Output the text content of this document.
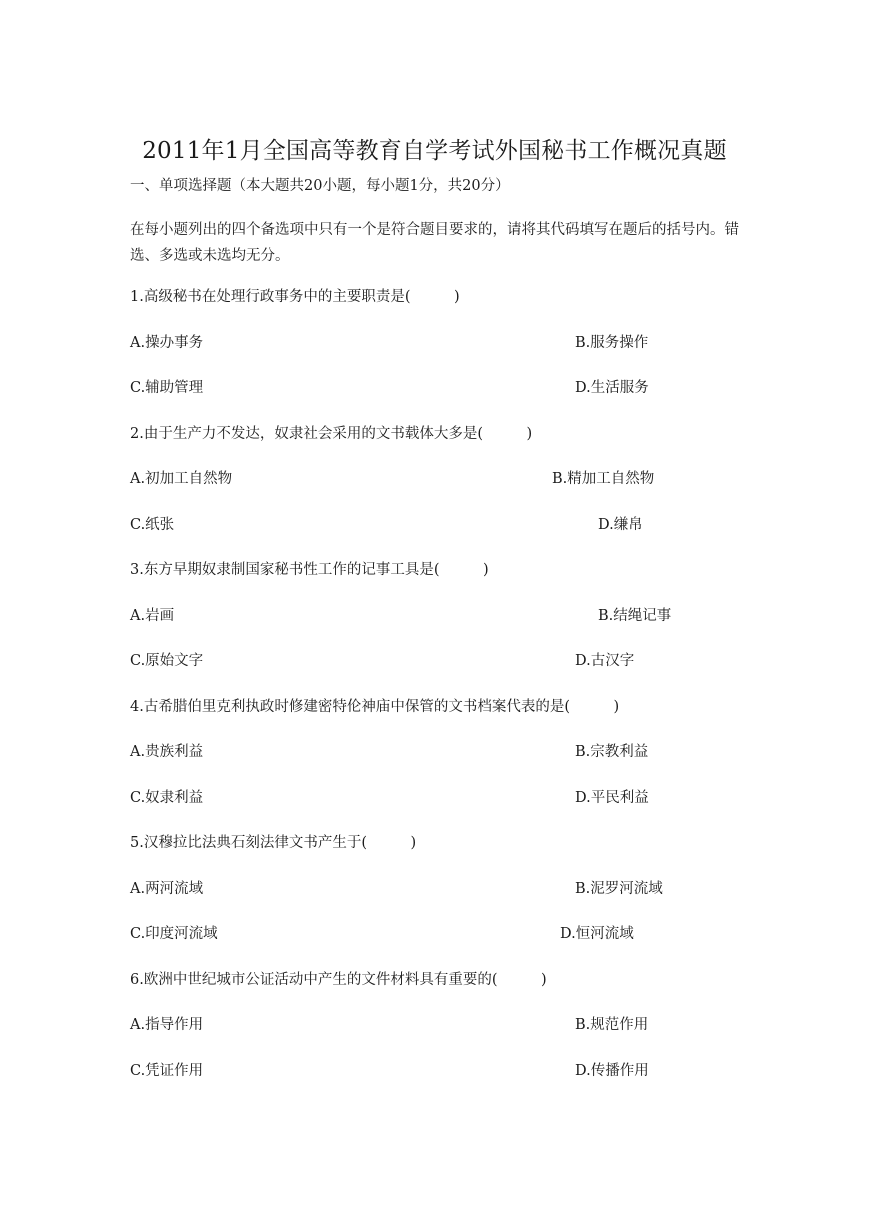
2011年1月全国高等教育自学考试外国秘书工作概况真题
一、单项选择题（本大题共20小题，每小题1分，共20分）
在每小题列出的四个备选项中只有一个是符合题目要求的，请将其代码填写在题后的括号内。错选、多选或未选均无分。
1.高级秘书在处理行政事务中的主要职责是(　　　)
A.操办事务	B.服务操作
C.辅助管理	D.生活服务
2.由于生产力不发达，奴隶社会采用的文书载体大多是(　　　)
A.初加工自然物	B.精加工自然物
C.纸张	D.缣帛
3.东方早期奴隶制国家秘书性工作的记事工具是(　　　)
A.岩画	B.结绳记事
C.原始文字	D.古汉字
4.古希腊伯里克利执政时修建密特伦神庙中保管的文书档案代表的是(　　　)
A.贵族利益	B.宗教利益
C.奴隶利益	D.平民利益
5.汉穆拉比法典石刻法律文书产生于(　　　)
A.两河流域	B.泥罗河流域
C.印度河流域	D.恒河流域
6.欧洲中世纪城市公证活动中产生的文件材料具有重要的(　　　)
A.指导作用	B.规范作用
C.凭证作用	D.传播作用
